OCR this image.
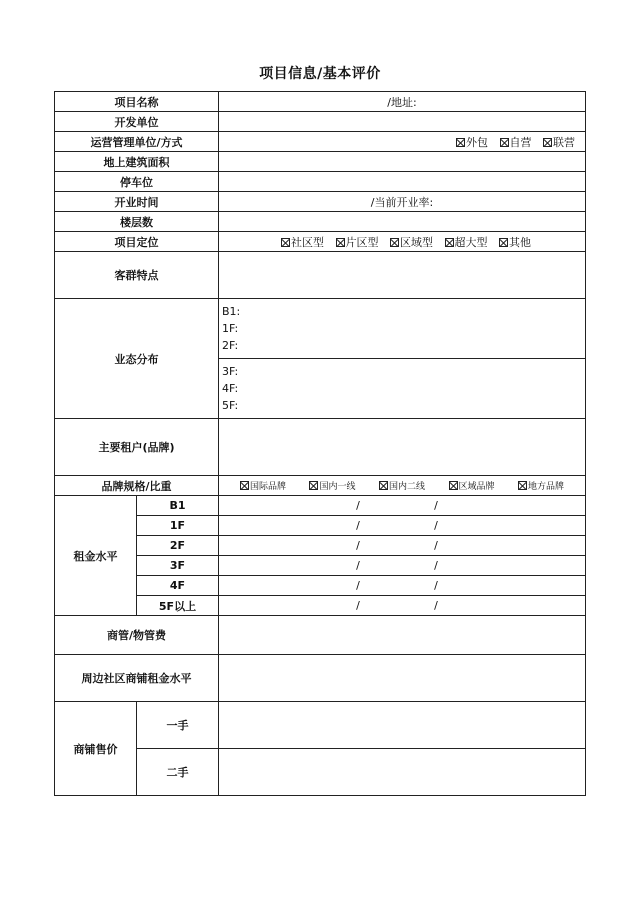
项目信息/基本评价
项目名称		/地址:
开发单位		
运营管理单位/方式		外包 自营 联营
地上建筑面积		
停车位		
开业时间		/当前开业率:
楼层数		
项目定位		社区型 片区型 区域型 超大型 其他
客群特点		
业态分布		B1:
1F:
2F:

		3F:
4F:
5F:

主要租户(品牌)		
品牌规格/比重		国际品牌 国内一线 国内二线 区域品牌 地方品牌
租金水平	B1	/ /
	1F	/ /
	2F	/ /
	3F	/ /
	4F	/ /
	5F以上	/ /
商管/物管费		
周边社区商铺租金水平		
商铺售价	一手	
	二手	
